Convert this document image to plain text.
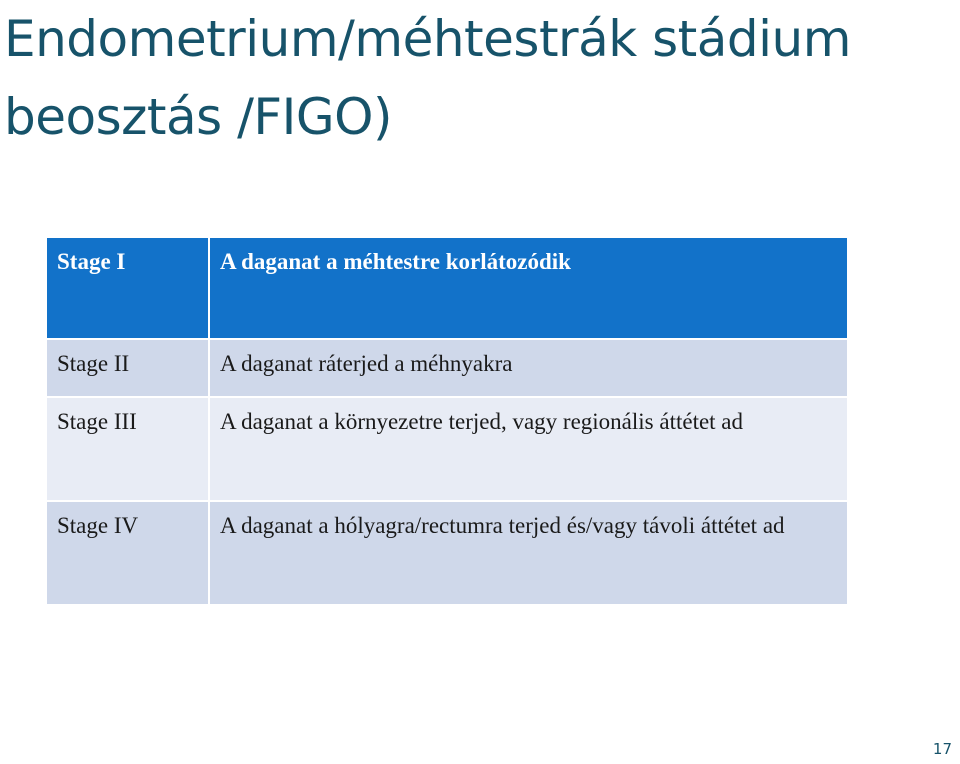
Endometrium/méhtestrák stádium beosztás /FIGO)
Stage I	A daganat a méhtestre korlátozódik
Stage II	A daganat ráterjed a méhnyakra
Stage III	A daganat a környezetre terjed, vagy regionális áttétet ad
Stage IV	A daganat a hólyagra/rectumra terjed és/vagy távoli áttétet ad
17
